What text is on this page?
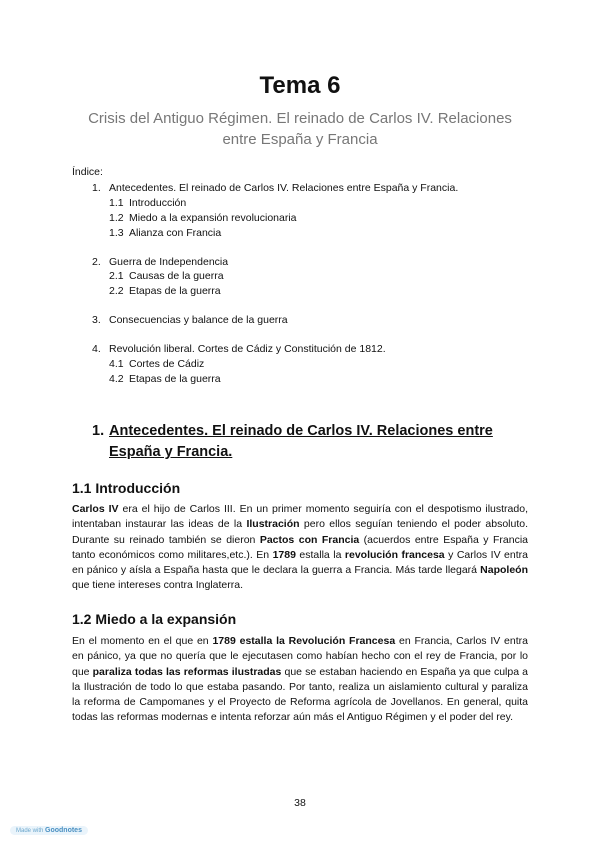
Tema 6
Crisis del Antiguo Régimen. El reinado de Carlos IV. Relaciones
entre España y Francia
Índice:
1. Antecedentes. El reinado de Carlos IV. Relaciones entre España y Francia.
1.1 Introducción
1.2 Miedo a la expansión revolucionaria
1.3 Alianza con Francia
2. Guerra de Independencia
2.1 Causas de la guerra
2.2 Etapas de la guerra
3. Consecuencias y balance de la guerra
4. Revolución liberal. Cortes de Cádiz y Constitución de 1812.
4.1 Cortes de Cádiz
4.2 Etapas de la guerra
1. Antecedentes. El reinado de Carlos IV. Relaciones entre España y Francia.
1.1 Introducción

Carlos IV era el hijo de Carlos III. En un primer momento seguiría con el despotismo ilustrado, intentaban instaurar las ideas de la Ilustración pero ellos seguían teniendo el poder absoluto. Durante su reinado también se dieron Pactos con Francia (acuerdos entre España y Francia tanto económicos como militares,etc.). En 1789 estalla la revolución francesa y Carlos IV entra en pánico y aísla a España hasta que le declara la guerra a Francia. Más tarde llegará Napoleón que tiene intereses contra Inglaterra.

1.2 Miedo a la expansión

En el momento en el que en 1789 estalla la Revolución Francesa en Francia, Carlos IV entra en pánico, ya que no quería que le ejecutasen como habían hecho con el rey de Francia, por lo que paraliza todas las reformas ilustradas que se estaban haciendo en España ya que culpa a la Ilustración de todo lo que estaba pasando. Por tanto, realiza un aislamiento cultural y paraliza la reforma de Campomanes y el Proyecto de Reforma agrícola de Jovellanos. En general, quita todas las reformas modernas e intenta reforzar aún más el Antiguo Régimen y el poder del rey.

38
Made with Goodnotes
